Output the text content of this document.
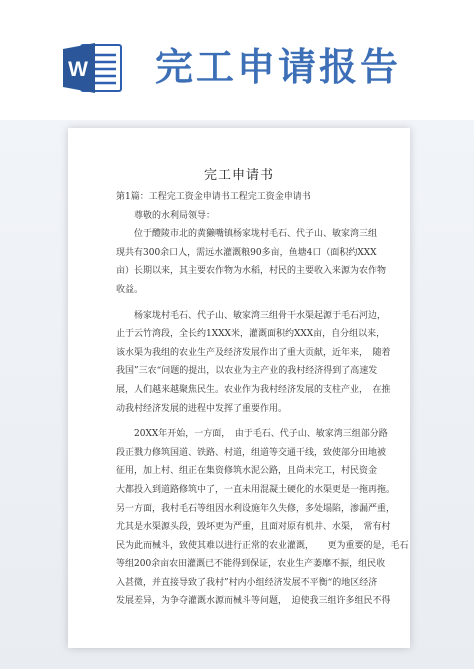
W 完工申请报告
完工申请书
第1篇：工程完工资金申请书工程完工资金申请书
　　尊敬的水利局领导：
　　位于醴陵市北的黄獭嘴镇杨家垅村毛石、代子山、敏家湾三组
现共有300余口人，需远水灌溉粮90多亩，鱼塘4口（面积约XXX
亩）长期以来，其主要农作物为水稻，村民的主要收入来源为农作物
收益。
　　杨家垅村毛石、代子山、敏家湾三组骨干水渠起源于毛石河边，
止于云竹湾段，全长约1XXX米，灌溉面积约XXX亩，自分组以来，
该水渠为我组的农业生产及经济发展作出了重大贡献，近年来，　随着
我国”三农“问题的提出，以农业为主产业的我村经济得到了高速发
展，人们越来越聚焦民生。农业作为我村经济发展的支柱产业，　在推
动我村经济发展的进程中发挥了重要作用。
　　20XX年开始，一方面，　由于毛石、代子山、敏家湾三组部分路
段正戮力修筑国道、铁路、村道，组道等交通干线，致使部分田地被
征用，加上村、组正在集资修筑水泥公路，且尚未完工，村民资金
大都投入到道路修筑中了，一直未用混凝土硬化的水渠更是一拖再拖。
另一方面，我村毛石等组因水利设施年久失修，多处塌陷，渗漏严重，
尤其是水渠源头段，毁坏更为严重，且面对原有机井、水渠，　常有村
民为此而械斗，致使其难以进行正常的农业灌溉，　　更为重要的是，毛石
等组200余亩农田灌溉已不能得到保证，农业生产萎靡不振，组民收
入甚微，并直接导致了我村”村内小组经济发展不平衡“的地区经济
发展差异，为争夺灌溉水源而械斗等问题，　迫使我三组许多组民不得
